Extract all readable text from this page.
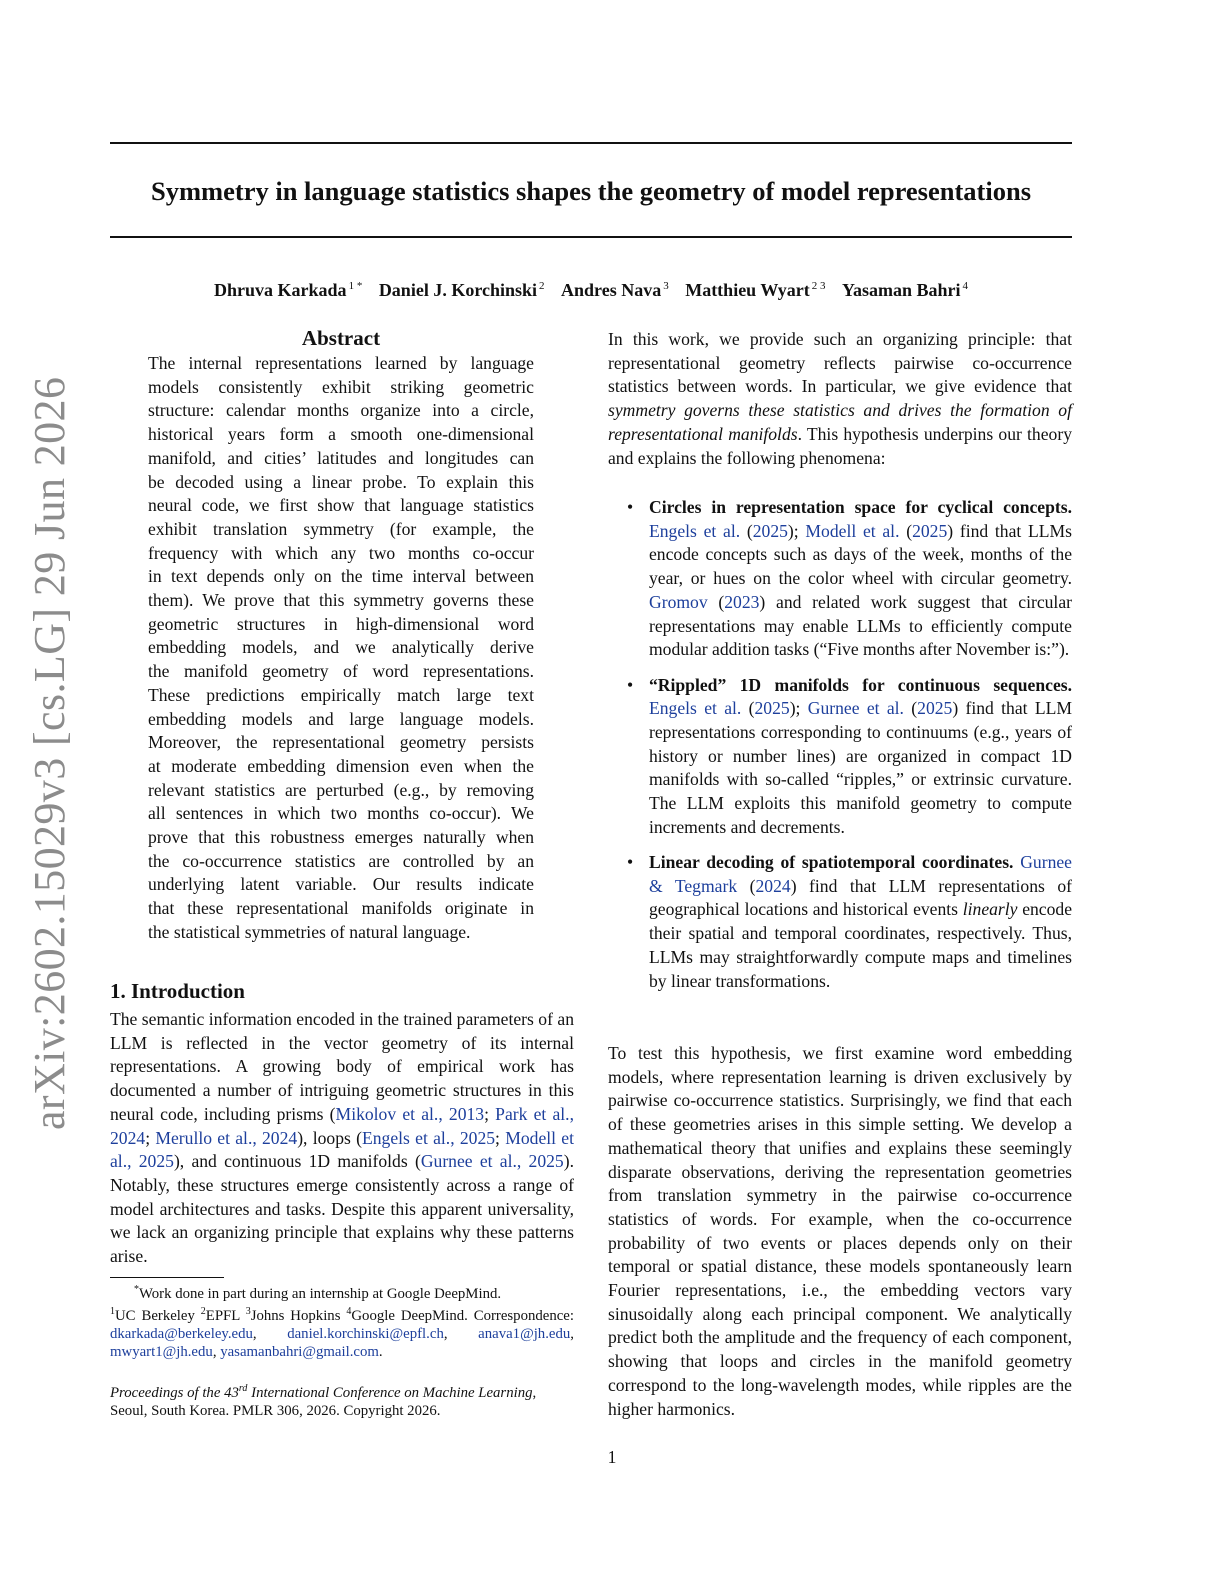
Symmetry in language statistics shapes the geometry of model representations
Dhruva Karkada $^{1 *}$ Daniel J. Korchinski $^2$ Andres Nava $^3$ Matthieu Wyart $^{2 3}$ Yasaman Bahri $^4$
arXiv:2602.15029v3 [cs.LG] 29 Jun 2026
Abstract
The internal representations learned by language
models consistently exhibit striking geometric
structure: calendar months organize into a circle,
historical years form a smooth one-dimensional
manifold, and cities’ latitudes and longitudes can
be decoded using a linear probe. To explain this
neural code, we first show that language statistics
exhibit translation symmetry (for example, the
frequency with which any two months co-occur
in text depends only on the time interval between
them). We prove that this symmetry governs these
geometric structures in high-dimensional word
embedding models, and we analytically derive
the manifold geometry of word representations.
These predictions empirically match large text
embedding models and large language models.
Moreover, the representational geometry persists
at moderate embedding dimension even when the
relevant statistics are perturbed (e.g., by removing
all sentences in which two months co-occur). We
prove that this robustness emerges naturally when
the co-occurrence statistics are controlled by an
underlying latent variable. Our results indicate
that these representational manifolds originate in
the statistical symmetries of natural language.
1. Introduction
The semantic information encoded in the trained parameters of an LLM is reflected in the vector geometry of its internal representations. A growing body of empirical work has documented a number of intriguing geometric structures in this neural code, including prisms (Mikolov et al., 2013; Park et al., 2024; Merullo et al., 2024), loops (Engels et al., 2025; Modell et al., 2025), and continuous 1D manifolds (Gurnee et al., 2025). Notably, these structures emerge consistently across a range of model architectures and tasks. Despite this apparent universality, we lack an organizing principle that explains why these patterns arise.
*Work done in part during an internship at Google DeepMind.
$^1$UC Berkeley $^2$EPFL $^3$Johns Hopkins $^4$Google DeepMind. Correspondence: dkarkada@berkeley.edu, daniel.korchinski@epfl.ch, anava1@jh.edu, mwyart1@jh.edu, yasamanbahri@gmail.com.
Proceedings of the 43rd International Conference on Machine Learning, Seoul, South Korea. PMLR 306, 2026. Copyright 2026.
In this work, we provide such an organizing principle: that representational geometry reflects pairwise co-occurrence statistics between words. In particular, we give evidence that symmetry governs these statistics and drives the formation of representational manifolds. This hypothesis underpins our theory and explains the following phenomena:
• Circles in representation space for cyclical concepts. Engels et al. (2025); Modell et al. (2025) find that LLMs encode concepts such as days of the week, months of the year, or hues on the color wheel with circular geometry. Gromov (2023) and related work suggest that circular representations may enable LLMs to efficiently compute modular addition tasks (“Five months after November is:”).
• “Rippled” 1D manifolds for continuous sequences. Engels et al. (2025); Gurnee et al. (2025) find that LLM representations corresponding to continuums (e.g., years of history or number lines) are organized in compact 1D manifolds with so-called “ripples,” or extrinsic curvature. The LLM exploits this manifold geometry to compute increments and decrements.
• Linear decoding of spatiotemporal coordinates. Gurnee & Tegmark (2024) find that LLM representations of geographical locations and historical events linearly encode their spatial and temporal coordinates, respectively. Thus, LLMs may straightforwardly compute maps and timelines by linear transformations.
To test this hypothesis, we first examine word embedding models, where representation learning is driven exclusively by pairwise co-occurrence statistics. Surprisingly, we find that each of these geometries arises in this simple setting. We develop a mathematical theory that unifies and explains these seemingly disparate observations, deriving the representation geometries from translation symmetry in the pairwise co-occurrence statistics of words. For example, when the co-occurrence probability of two events or places depends only on their temporal or spatial distance, these models spontaneously learn Fourier representations, i.e., the embedding vectors vary sinusoidally along each principal component. We analytically predict both the amplitude and the frequency of each component, showing that loops and circles in the manifold geometry correspond to the long-wavelength modes, while ripples are the higher harmonics.
1
